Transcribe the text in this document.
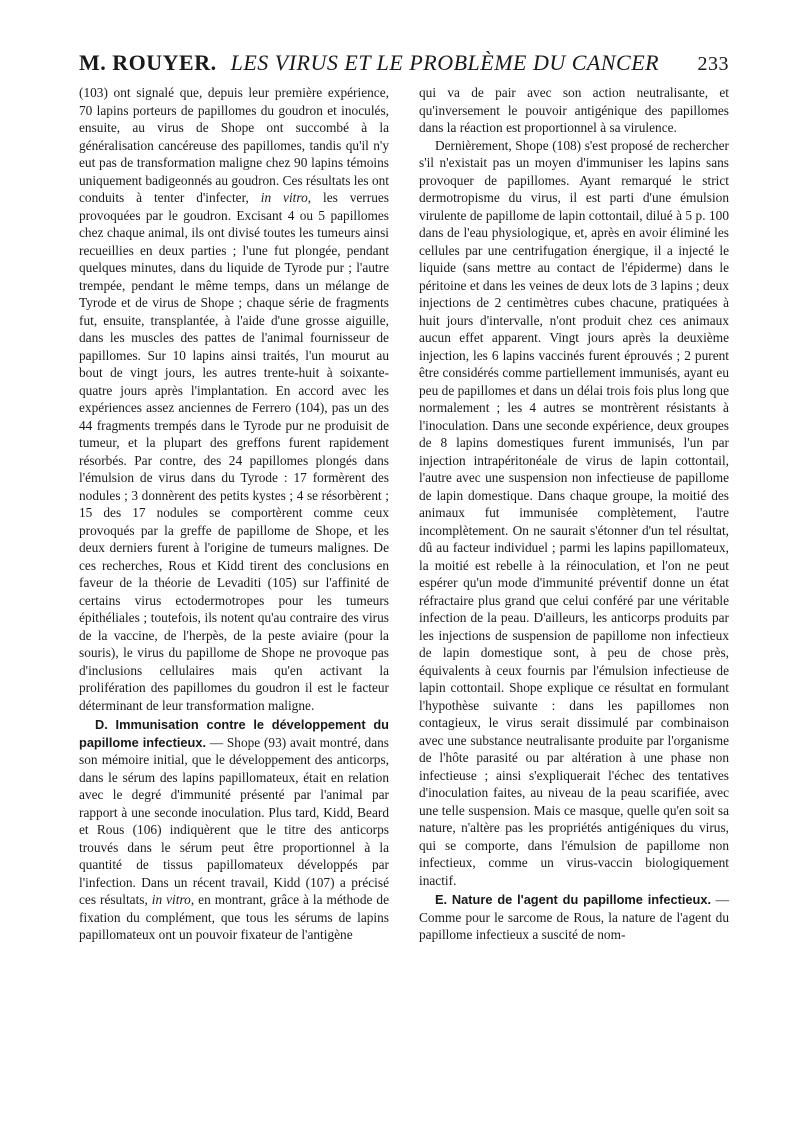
M. ROUYER. LES VIRUS ET LE PROBLÈME DU CANCER 233

(103) ont signalé que, depuis leur première expérience, 70 lapins porteurs de papillomes du goudron et inoculés, ensuite, au virus de Shope ont succombé à la généralisation cancéreuse des papillomes, tandis qu'il n'y eut pas de transformation maligne chez 90 lapins témoins uniquement badigeonnés au goudron. Ces résultats les ont conduits à tenter d'infecter, in vitro, les verrues provoquées par le goudron. Excisant 4 ou 5 papillomes chez chaque animal, ils ont divisé toutes les tumeurs ainsi recueillies en deux parties ; l'une fut plongée, pendant quelques minutes, dans du liquide de Tyrode pur ; l'autre trempée, pendant le même temps, dans un mélange de Tyrode et de virus de Shope ; chaque série de fragments fut, ensuite, transplantée, à l'aide d'une grosse aiguille, dans les muscles des pattes de l'animal fournisseur de papillomes. Sur 10 lapins ainsi traités, l'un mourut au bout de vingt jours, les autres trente-huit à soixante-quatre jours après l'implantation. En accord avec les expériences assez anciennes de Ferrero (104), pas un des 44 fragments trempés dans le Tyrode pur ne produisit de tumeur, et la plupart des greffons furent rapidement résorbés. Par contre, des 24 papillomes plongés dans l'émulsion de virus dans du Tyrode : 17 formèrent des nodules ; 3 donnèrent des petits kystes ; 4 se résorbèrent ; 15 des 17 nodules se comportèrent comme ceux provoqués par la greffe de papillome de Shope, et les deux derniers furent à l'origine de tumeurs malignes. De ces recherches, Rous et Kidd tirent des conclusions en faveur de la théorie de Levaditi (105) sur l'affinité de certains virus ectodermotropes pour les tumeurs épithéliales ; toutefois, ils notent qu'au contraire des virus de la vaccine, de l'herpès, de la peste aviaire (pour la souris), le virus du papillome de Shope ne provoque pas d'inclusions cellulaires mais qu'en activant la prolifération des papillomes du goudron il est le facteur déterminant de leur transformation maligne.

D. Immunisation contre le développement du papillome infectieux. — Shope (93) avait montré, dans son mémoire initial, que le développement des anticorps, dans le sérum des lapins papillomateux, était en relation avec le degré d'immunité présenté par l'animal par rapport à une seconde inoculation. Plus tard, Kidd, Beard et Rous (106) indiquèrent que le titre des anticorps trouvés dans le sérum peut être proportionnel à la quantité de tissus papillomateux développés par l'infection. Dans un récent travail, Kidd (107) a précisé ces résultats, in vitro, en montrant, grâce à la méthode de fixation du complément, que tous les sérums de lapins papillomateux ont un pouvoir fixateur de l'antigène

qui va de pair avec son action neutralisante, et qu'inversement le pouvoir antigénique des papillomes dans la réaction est proportionnel à sa virulence.

Dernièrement, Shope (108) s'est proposé de rechercher s'il n'existait pas un moyen d'immuniser les lapins sans provoquer de papillomes. Ayant remarqué le strict dermotropisme du virus, il est parti d'une émulsion virulente de papillome de lapin cottontail, dilué à 5 p. 100 dans de l'eau physiologique, et, après en avoir éliminé les cellules par une centrifugation énergique, il a injecté le liquide (sans mettre au contact de l'épiderme) dans le péritoine et dans les veines de deux lots de 3 lapins ; deux injections de 2 centimètres cubes chacune, pratiquées à huit jours d'intervalle, n'ont produit chez ces animaux aucun effet apparent. Vingt jours après la deuxième injection, les 6 lapins vaccinés furent éprouvés ; 2 purent être considérés comme partiellement immunisés, ayant eu peu de papillomes et dans un délai trois fois plus long que normalement ; les 4 autres se montrèrent résistants à l'inoculation. Dans une seconde expérience, deux groupes de 8 lapins domestiques furent immunisés, l'un par injection intrapéritonéale de virus de lapin cottontail, l'autre avec une suspension non infectieuse de papillome de lapin domestique. Dans chaque groupe, la moitié des animaux fut immunisée complètement, l'autre incomplètement. On ne saurait s'étonner d'un tel résultat, dû au facteur individuel ; parmi les lapins papillomateux, la moitié est rebelle à la réinoculation, et l'on ne peut espérer qu'un mode d'immunité préventif donne un état réfractaire plus grand que celui conféré par une véritable infection de la peau. D'ailleurs, les anticorps produits par les injections de suspension de papillome non infectieux de lapin domestique sont, à peu de chose près, équivalents à ceux fournis par l'émulsion infectieuse de lapin cottontail. Shope explique ce résultat en formulant l'hypothèse suivante : dans les papillomes non contagieux, le virus serait dissimulé par combinaison avec une substance neutralisante produite par l'organisme de l'hôte parasité ou par altération à une phase non infectieuse ; ainsi s'expliquerait l'échec des tentatives d'inoculation faites, au niveau de la peau scarifiée, avec une telle suspension. Mais ce masque, quelle qu'en soit sa nature, n'altère pas les propriétés antigéniques du virus, qui se comporte, dans l'émulsion de papillome non infectieux, comme un virus-vaccin biologiquement inactif.

E. Nature de l'agent du papillome infectieux. — Comme pour le sarcome de Rous, la nature de l'agent du papillome infectieux a suscité de nom-
